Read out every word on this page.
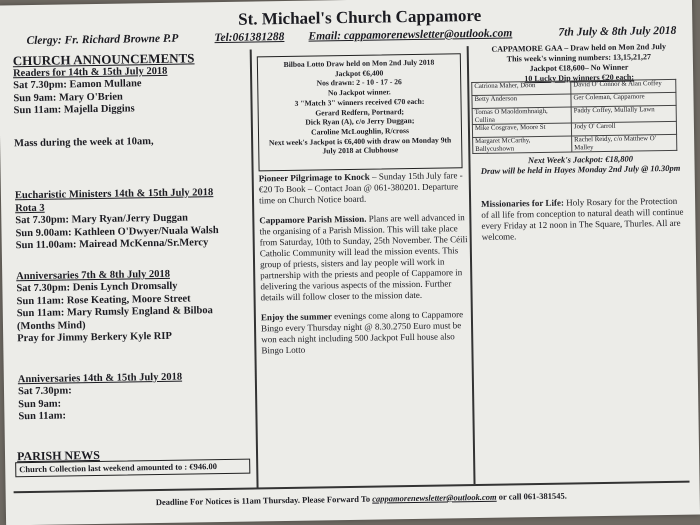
St. Michael's Church Cappamore
Clergy: Fr. Richard Browne P.P	Tel:061381288 Email: cappamorenewsletter@outlook.com	7th July & 8th July 2018
CHURCH ANNOUNCEMENTS
Readers for 14th & 15th July 2018
Sat 7.30pm: Eamon Mullane
Sun 9am: Mary O'Brien
Sun 11am: Majella Diggins
Mass during the week at 10am,
Eucharistic Ministers 14th & 15th July 2018
Rota 3
Sat 7.30pm: Mary Ryan/Jerry Duggan
Sun 9.00am: Kathleen O'Dwyer/Nuala Walsh
Sun 11.00am: Mairead McKenna/Sr.Mercy
Anniversaries 7th & 8th July 2018
Sat 7.30pm: Denis Lynch Dromsally
Sun 11am: Rose Keating, Moore Street
Sun 11am: Mary Rumsly England & Bilboa
(Months Mind)
Pray for Jimmy Berkery Kyle RIP
Anniversaries 14th & 15th July 2018
Sat 7.30pm:
Sun 9am:
Sun 11am:
PARISH NEWS
Church Collection last weekend amounted to : €946.00
Bilboa Lotto Draw held on Mon 2nd July 2018
Jackpot €6,400
Nos drawn: 2 - 10 - 17 - 26
No Jackpot winner.
3 "Match 3" winners received €70 each:
Gerard Redfern, Portnard;
Dick Ryan (A), c/o Jerry Duggan;
Caroline McLoughlin, R/cross
Next week's Jackpot is €6,400 with draw on Monday 9th
July 2018 at Clubhouse

Pioneer Pilgrimage to Knock – Sunday 15th July fare - €20 To Book – Contact Joan @ 061-380201. Departure time on Church Notice board.

Cappamore Parish Mission. Plans are well advanced in the organising of a Parish Mission. This will take place from Saturday, 10th to Sunday, 25th November. The Céili Catholic Community will lead the mission events. This group of priests, sisters and lay people will work in partnership with the priests and people of Cappamore in delivering the various aspects of the mission. Further details will follow closer to the mission date.

Enjoy the summer evenings come along to Cappamore Bingo every Thursday night @ 8.30.2750 Euro must be won each night including 500 Jackpot Full house also Bingo Lotto

CAPPAMORE GAA – Draw held on Mon 2nd July
This week's winning numbers: 13,15,21,27
Jackpot €18,600– No Winner
10 Lucky Dip winners €20 each:
Catriona Maher, Doon	David O' Connor & Alan Coffey
Betty Anderson	Ger Coleman, Cappamore
Tomas O Maoldomhnaigh, Cullina	Paddy Coffey, Mullally Lawn
Mike Cosgrave, Moore St	Jody O' Carroll
Margaret McCarthy, Ballycushown	Rachel Reidy, c/o Matthew O' Malley
Next Week's Jackpot: €18,800
Draw will be held in Hayes Monday 2nd July @ 10.30pm
Missionaries for Life: Holy Rosary for the Protection of all life from conception to natural death will continue every Friday at 12 noon in The Square, Thurles. All are welcome.
Deadline For Notices is 11am Thursday. Please Forward To cappamorenewsletter@outlook.com or call 061-381545.
